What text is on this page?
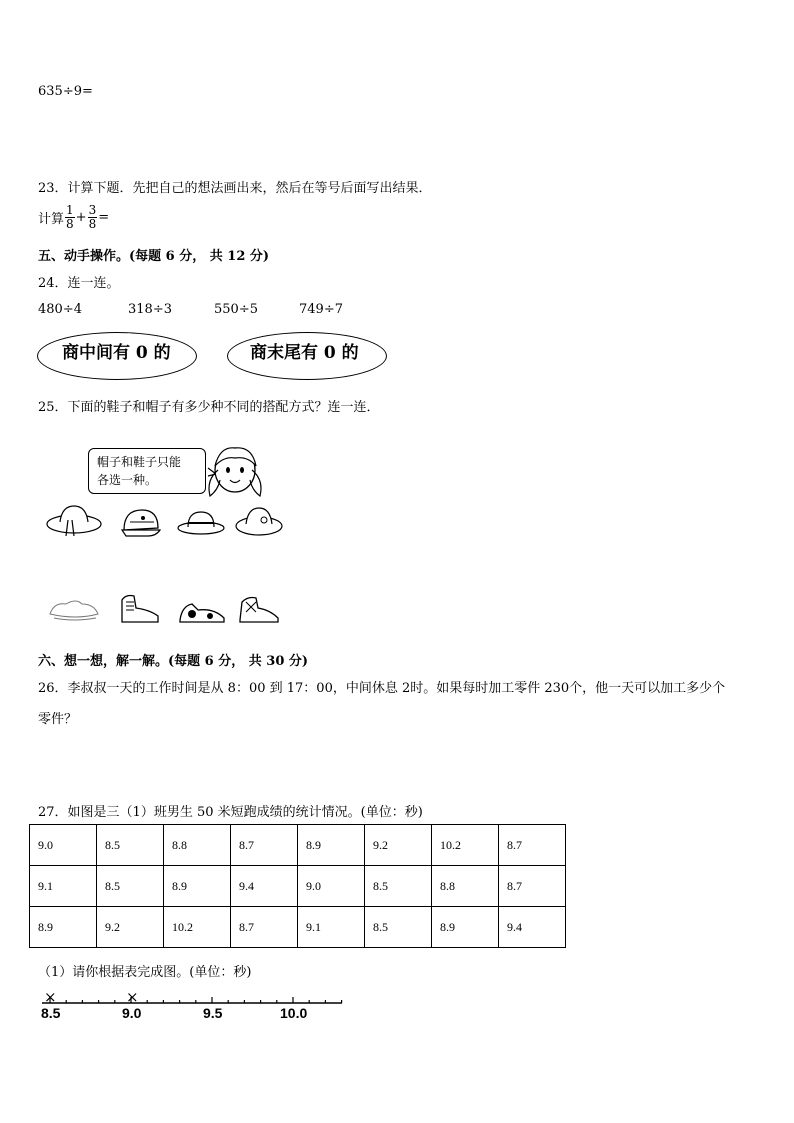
635÷9=
23．计算下题．先把自己的想法画出来，然后在等号后面写出结果．
计算 $\frac{1}{8} + \frac{3}{8}$ =
五、动手操作。(每题 6 分， 共 12 分)
24．连一连。
480÷4	318÷3	550÷5	749÷7
商中间有 0 的	商末尾有 0 的
25．下面的鞋子和帽子有多少种不同的搭配方式？连一连．
帽子和鞋子只能
各选一种。
六、想一想，解一解。(每题 6 分， 共 30 分)
26．李叔叔一天的工作时间是从 8：00 到 17：00，中间休息 2时。如果每时加工零件 230个，他一天可以加工多少个
零件？
27．如图是三（1）班男生 50 米短跑成绩的统计情况。(单位：秒)
9.0	8.5	8.8	8.7	8.9	9.2	10.2	8.7
9.1	8.5	8.9	9.4	9.0	8.5	8.8	8.7
8.9	9.2	10.2	8.7	9.1	8.5	8.9	9.4
（1）请你根据表完成图。(单位：秒)
×	×
8.5	9.0	9.5	10.0
